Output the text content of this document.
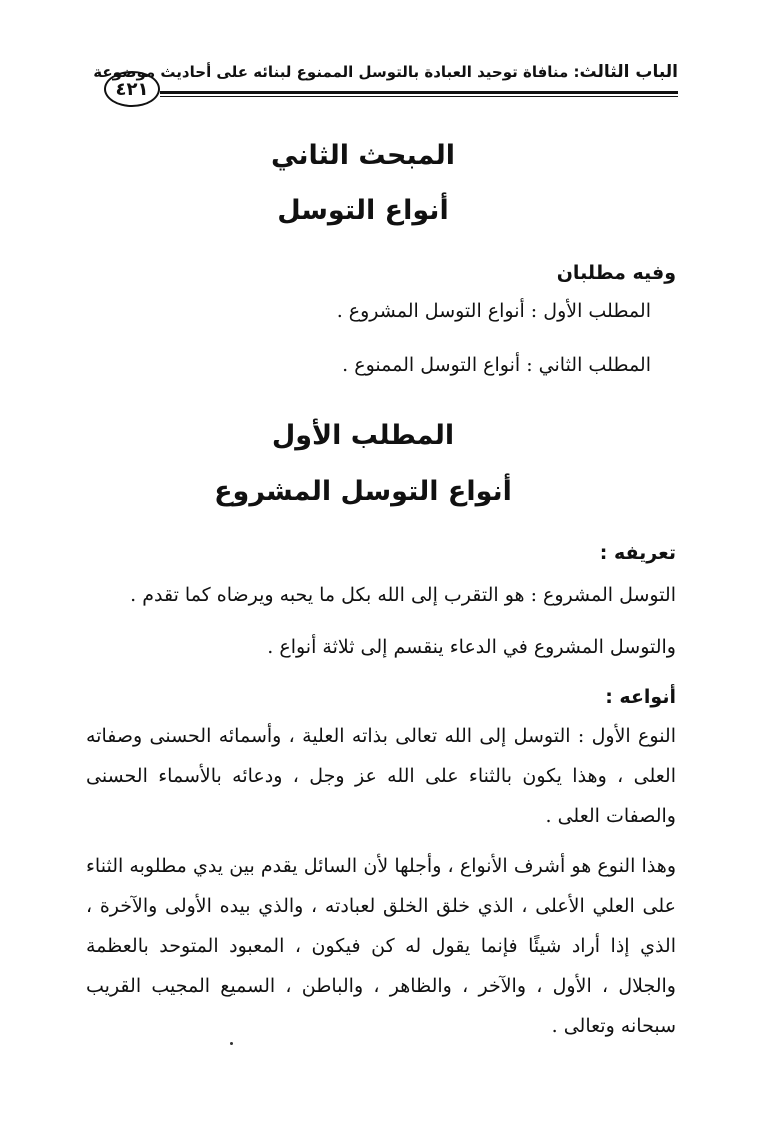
الباب الثالث: منافاة توحيد العبادة بالتوسل الممنوع لبنائه على أحاديث موضوعة
٤٢١
المبحث الثاني
أنواع التوسل

وفيه مطلبان

المطلب الأول : أنواع التوسل المشروع .

المطلب الثاني : أنواع التوسل الممنوع .

المطلب الأول
أنواع التوسل المشروع

تعريفه :

التوسل المشروع : هو التقرب إلى الله بكل ما يحبه ويرضاه كما تقدم .

والتوسل المشروع في الدعاء ينقسم إلى ثلاثة أنواع .

أنواعه :

النوع الأول : التوسل إلى الله تعالى بذاته العلية ، وأسمائه الحسنى وصفاته العلى ، وهذا يكون بالثناء على الله عز وجل ، ودعائه بالأسماء الحسنى والصفات العلى .

وهذا النوع هو أشرف الأنواع ، وأجلها لأن السائل يقدم بين يدي مطلوبه الثناء على العلي الأعلى ، الذي خلق الخلق لعبادته ، والذي بيده الأولى والآخرة ، الذي إذا أراد شيئًا فإنما يقول له كن فيكون ، المعبود المتوحد بالعظمة والجلال ، الأول ، والآخر ، والظاهر ، والباطن ، السميع المجيب القريب سبحانه وتعالى .
